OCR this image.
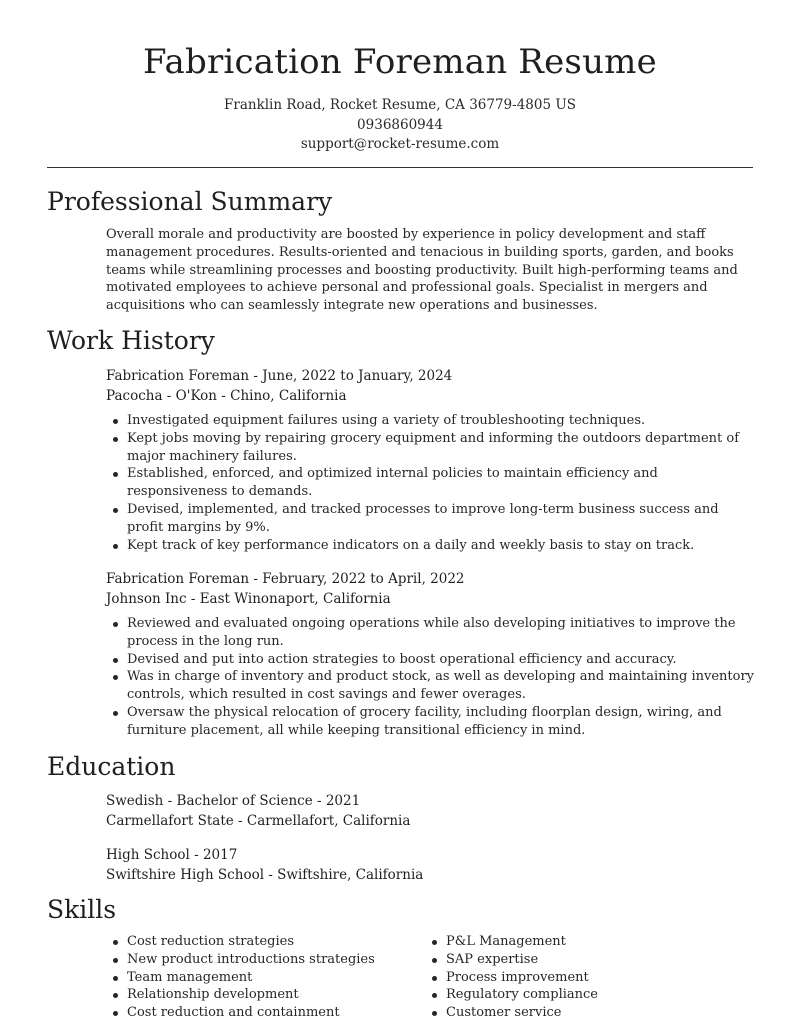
Fabrication Foreman Resume
Franklin Road, Rocket Resume, CA 36779-4805 US
0936860944
support@rocket-resume.com
Professional Summary
Overall morale and productivity are boosted by experience in policy development and staff management procedures. Results-oriented and tenacious in building sports, garden, and books teams while streamlining processes and boosting productivity. Built high-performing teams and motivated employees to achieve personal and professional goals. Specialist in mergers and acquisitions who can seamlessly integrate new operations and businesses.
Work History
Fabrication Foreman - June, 2022 to January, 2024
Pacocha - O'Kon - Chino, California
Investigated equipment failures using a variety of troubleshooting techniques.
Kept jobs moving by repairing grocery equipment and informing the outdoors department of major machinery failures.
Established, enforced, and optimized internal policies to maintain efficiency and responsiveness to demands.
Devised, implemented, and tracked processes to improve long-term business success and profit margins by 9%.
Kept track of key performance indicators on a daily and weekly basis to stay on track.
Fabrication Foreman - February, 2022 to April, 2022
Johnson Inc - East Winonaport, California
Reviewed and evaluated ongoing operations while also developing initiatives to improve the process in the long run.
Devised and put into action strategies to boost operational efficiency and accuracy.
Was in charge of inventory and product stock, as well as developing and maintaining inventory controls, which resulted in cost savings and fewer overages.
Oversaw the physical relocation of grocery facility, including floorplan design, wiring, and furniture placement, all while keeping transitional efficiency in mind.
Education
Swedish - Bachelor of Science - 2021
Carmellafort State - Carmellafort, California
High School - 2017
Swiftshire High School - Swiftshire, California
Skills
Cost reduction strategies
New product introductions strategies
Team management
Relationship development
Cost reduction and containment
P&L Management
SAP expertise
Process improvement
Regulatory compliance
Customer service
